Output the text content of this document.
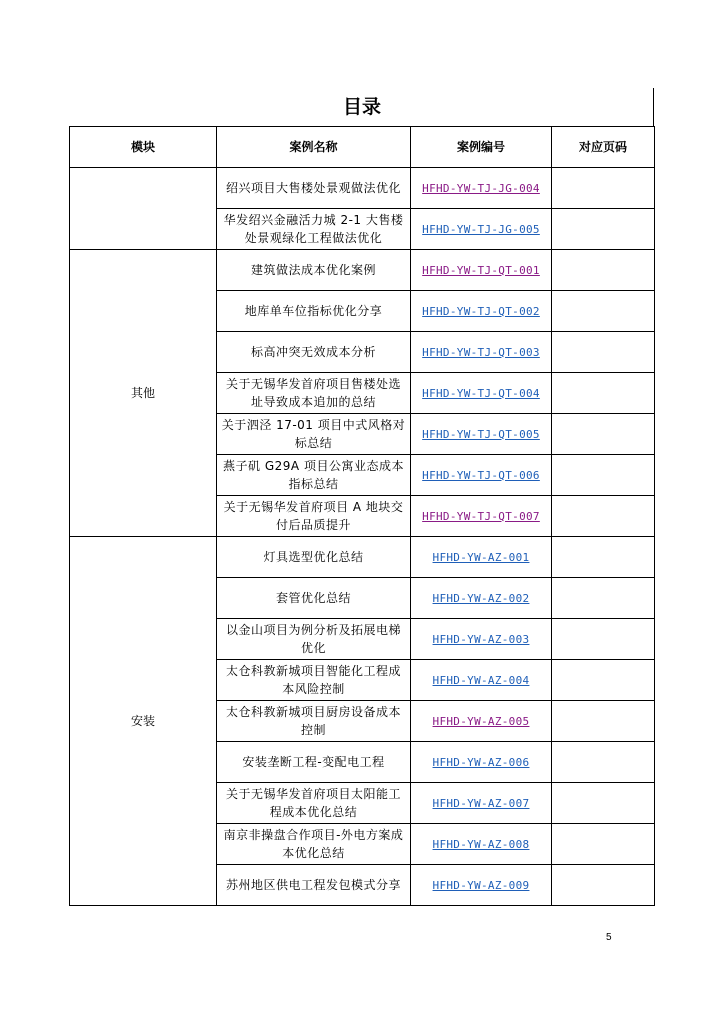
目录
模块	案例名称	案例编号	对应页码
	绍兴项目大售楼处景观做法优化	HFHD-YW-TJ-JG-004	
	华发绍兴金融活力城 2-1 大售楼处景观绿化工程做法优化	HFHD-YW-TJ-JG-005	
其他	建筑做法成本优化案例	HFHD-YW-TJ-QT-001	
	地库单车位指标优化分享	HFHD-YW-TJ-QT-002	
	标高冲突无效成本分析	HFHD-YW-TJ-QT-003	
	关于无锡华发首府项目售楼处选址导致成本追加的总结	HFHD-YW-TJ-QT-004	
	关于泗泾 17-01 项目中式风格对标总结	HFHD-YW-TJ-QT-005	
	燕子矶 G29A 项目公寓业态成本指标总结	HFHD-YW-TJ-QT-006	
	关于无锡华发首府项目 A 地块交付后品质提升	HFHD-YW-TJ-QT-007	
安装	灯具选型优化总结	HFHD-YW-AZ-001	
	套管优化总结	HFHD-YW-AZ-002	
	以金山项目为例分析及拓展电梯优化	HFHD-YW-AZ-003	
	太仓科教新城项目智能化工程成本风险控制	HFHD-YW-AZ-004	
	太仓科教新城项目厨房设备成本控制	HFHD-YW-AZ-005	
	安装垄断工程-变配电工程	HFHD-YW-AZ-006	
	关于无锡华发首府项目太阳能工程成本优化总结	HFHD-YW-AZ-007	
	南京非操盘合作项目-外电方案成本优化总结	HFHD-YW-AZ-008	
	苏州地区供电工程发包模式分享	HFHD-YW-AZ-009	
5
